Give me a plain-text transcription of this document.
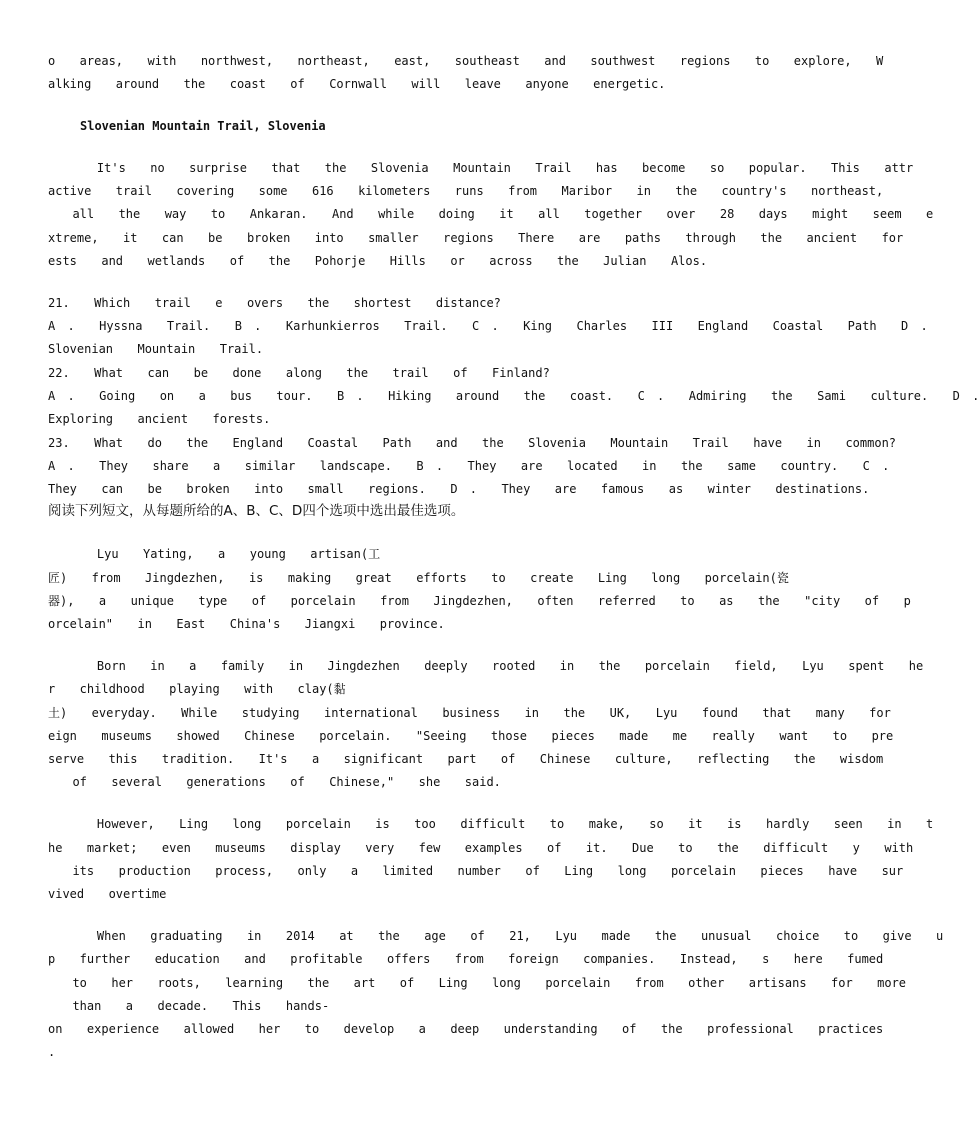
o  areas,  with  northwest,  northeast,  east,  southeast  and  southwest  regions  to  explore,  W
alking  around  the  coast  of  Cornwall  will  leave  anyone  energetic.
Slovenian Mountain Trail, Slovenia
It's  no  surprise  that  the  Slovenia  Mountain  Trail  has  become  so  popular.  This  attr
active  trail  covering  some  616  kilometers  runs  from  Maribor  in  the  country's  northeast,
all  the  way  to  Ankaran.  And  while  doing  it  all  together  over  28  days  might  seem  e
xtreme,  it  can  be  broken  into  smaller  regions  There  are  paths  through  the  ancient  for
ests  and  wetlands  of  the  Pohorje  Hills  or  across  the  Julian  Alos.
21.  Which  trail  e  overs  the  shortest  distance?
A .  Hyssna  Trail.  B .  Karhunkierros  Trail.  C .  King  Charles  III  England  Coastal  Path  D .
Slovenian  Mountain  Trail.
22.  What  can  be  done  along  the  trail  of  Finland?
A .  Going  on  a  bus  tour.  B .  Hiking  around  the  coast.  C .  Admiring  the  Sami  culture.  D .
Exploring  ancient  forests.
23.  What  do  the  England  Coastal  Path  and  the  Slovenia  Mountain  Trail  have  in  common?
A .  They  share  a  similar  landscape.  B .  They  are  located  in  the  same  country.  C .
They  can  be  broken  into  small  regions.  D .  They  are  famous  as  winter  destinations.
阅读下列短文，从每题所给的A、B、C、D四个选项中选出最佳选项。
Lyu  Yating,  a  young  artisan(工
匠)  from  Jingdezhen,  is  making  great  efforts  to  create  Ling  long  porcelain(瓷
器),  a  unique  type  of  porcelain  from  Jingdezhen,  often  referred  to  as  the  "city  of  p
orcelain"  in  East  China's  Jiangxi  province.
Born  in  a  family  in  Jingdezhen  deeply  rooted  in  the  porcelain  field,  Lyu  spent  he
r  childhood  playing  with  clay(黏
土)  everyday.  While  studying  international  business  in  the  UK,  Lyu  found  that  many  for
eign  museums  showed  Chinese  porcelain.  "Seeing  those  pieces  made  me  really  want  to  pre
serve  this  tradition.  It's  a  significant  part  of  Chinese  culture,  reflecting  the  wisdom
of  several  generations  of  Chinese,"  she  said.
However,  Ling  long  porcelain  is  too  difficult  to  make,  so  it  is  hardly  seen  in  t
he  market;  even  museums  display  very  few  examples  of  it.  Due  to  the  difficult  y  with
its  production  process,  only  a  limited  number  of  Ling  long  porcelain  pieces  have  sur
vived  overtime
When  graduating  in  2014  at  the  age  of  21,  Lyu  made  the  unusual  choice  to  give  u
p  further  education  and  profitable  offers  from  foreign  companies.  Instead,  s  here  fumed
to  her  roots,  learning  the  art  of  Ling  long  porcelain  from  other  artisans  for  more
than  a  decade.  This  hands-
on  experience  allowed  her  to  develop  a  deep  understanding  of  the  professional  practices
.
